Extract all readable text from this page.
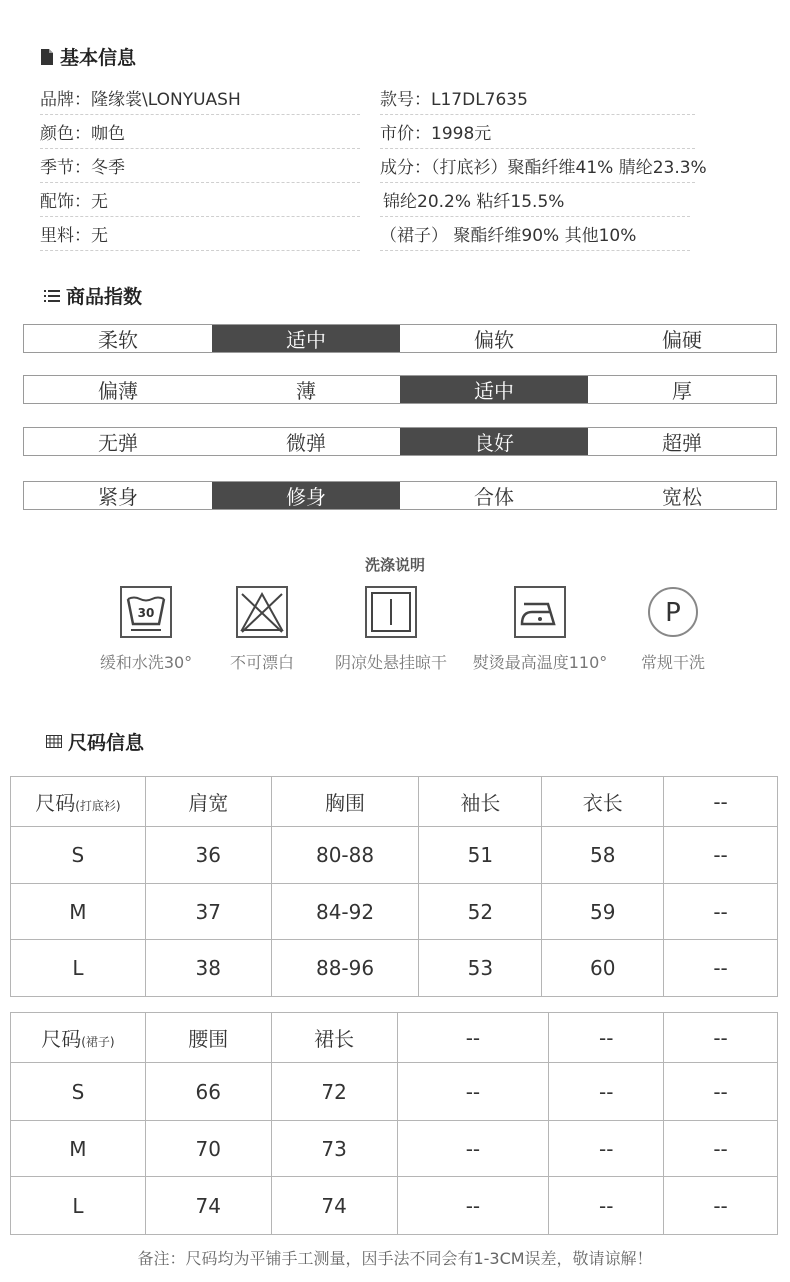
基本信息
品牌：隆缘裳\LONYUASH
颜色：咖色
季节：冬季
配饰：无
里料：无
款号：L17DL7635
市价：1998元
成分：（打底衫）聚酯纤维41% 腈纶23.3%
锦纶20.2% 粘纤15.5%
（裙子） 聚酯纤维90% 其他10%
商品指数
柔软	适中	偏软	偏硬
偏薄	薄	适中	厚
无弹	微弹	良好	超弹
紧身	修身	合体	宽松
洗涤说明
30
缓和水洗30° 不可漂白	阴凉处悬挂晾干 熨烫最高温度110°
P
常规干洗
尺码信息
尺码(打底衫)	肩宽	胸围	袖长	衣长	--
S	36	80-88	51	58	--
M	37	84-92	52	59	--
L	38	88-96	53	60	--
尺码(裙子)	腰围	裙长	--	--	--
S	66	72	--	--	--
M	70	73	--	--	--
L	74	74	--	--	--
备注：尺码均为平铺手工测量，因手法不同会有1-3CM误差，敬请谅解！
